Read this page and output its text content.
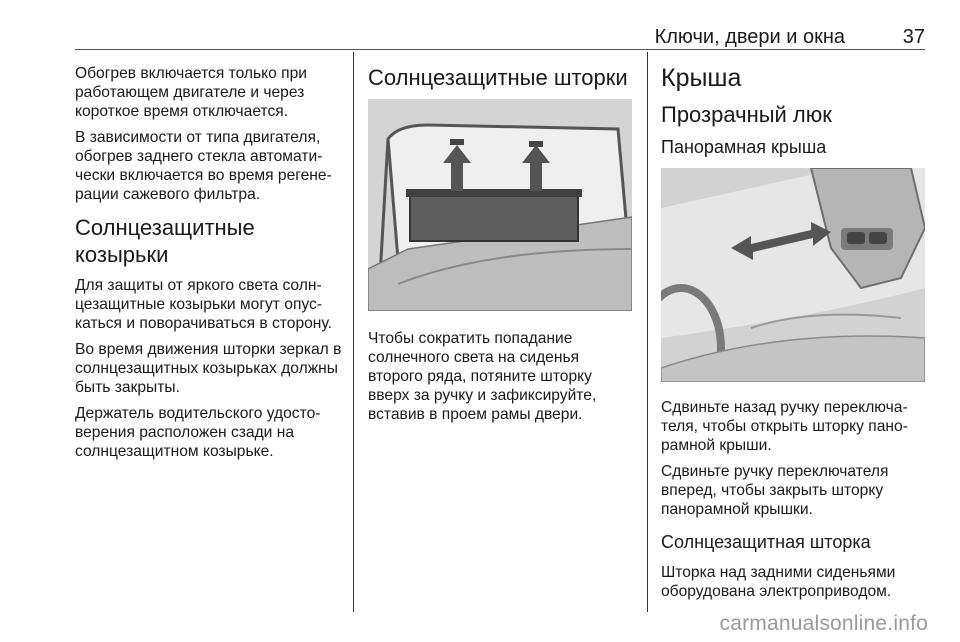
Ключи, двери и окна	37

Обогрев включается только при работающем двигателе и через короткое время отключается.

В зависимости от типа двигателя, обогрев заднего стекла автоматически включается во время регенерации сажевого фильтра.

Солнцезащитные козырьки

Для защиты от яркого света солнцезащитные козырьки могут опускаться и поворачиваться в сторону.

Во время движения шторки зеркал в солнцезащитных козырьках должны быть закрыты.

Держатель водительского удостоверения расположен сзади на солнцезащитном козырьке.

Солнцезащитные шторки

Чтобы сократить попадание солнечного света на сиденья второго ряда, потяните шторку вверх за ручку и зафиксируйте, вставив в проем рамы двери.

Крыша
Прозрачный люк
Панорамная крыша

Сдвиньте назад ручку переключателя, чтобы открыть шторку панорамной крыши.

Сдвиньте ручку переключателя вперед, чтобы закрыть шторку панорамной крышки.

Солнцезащитная шторка

Шторка над задними сиденьями оборудована электроприводом.

carmanualsonline.info
